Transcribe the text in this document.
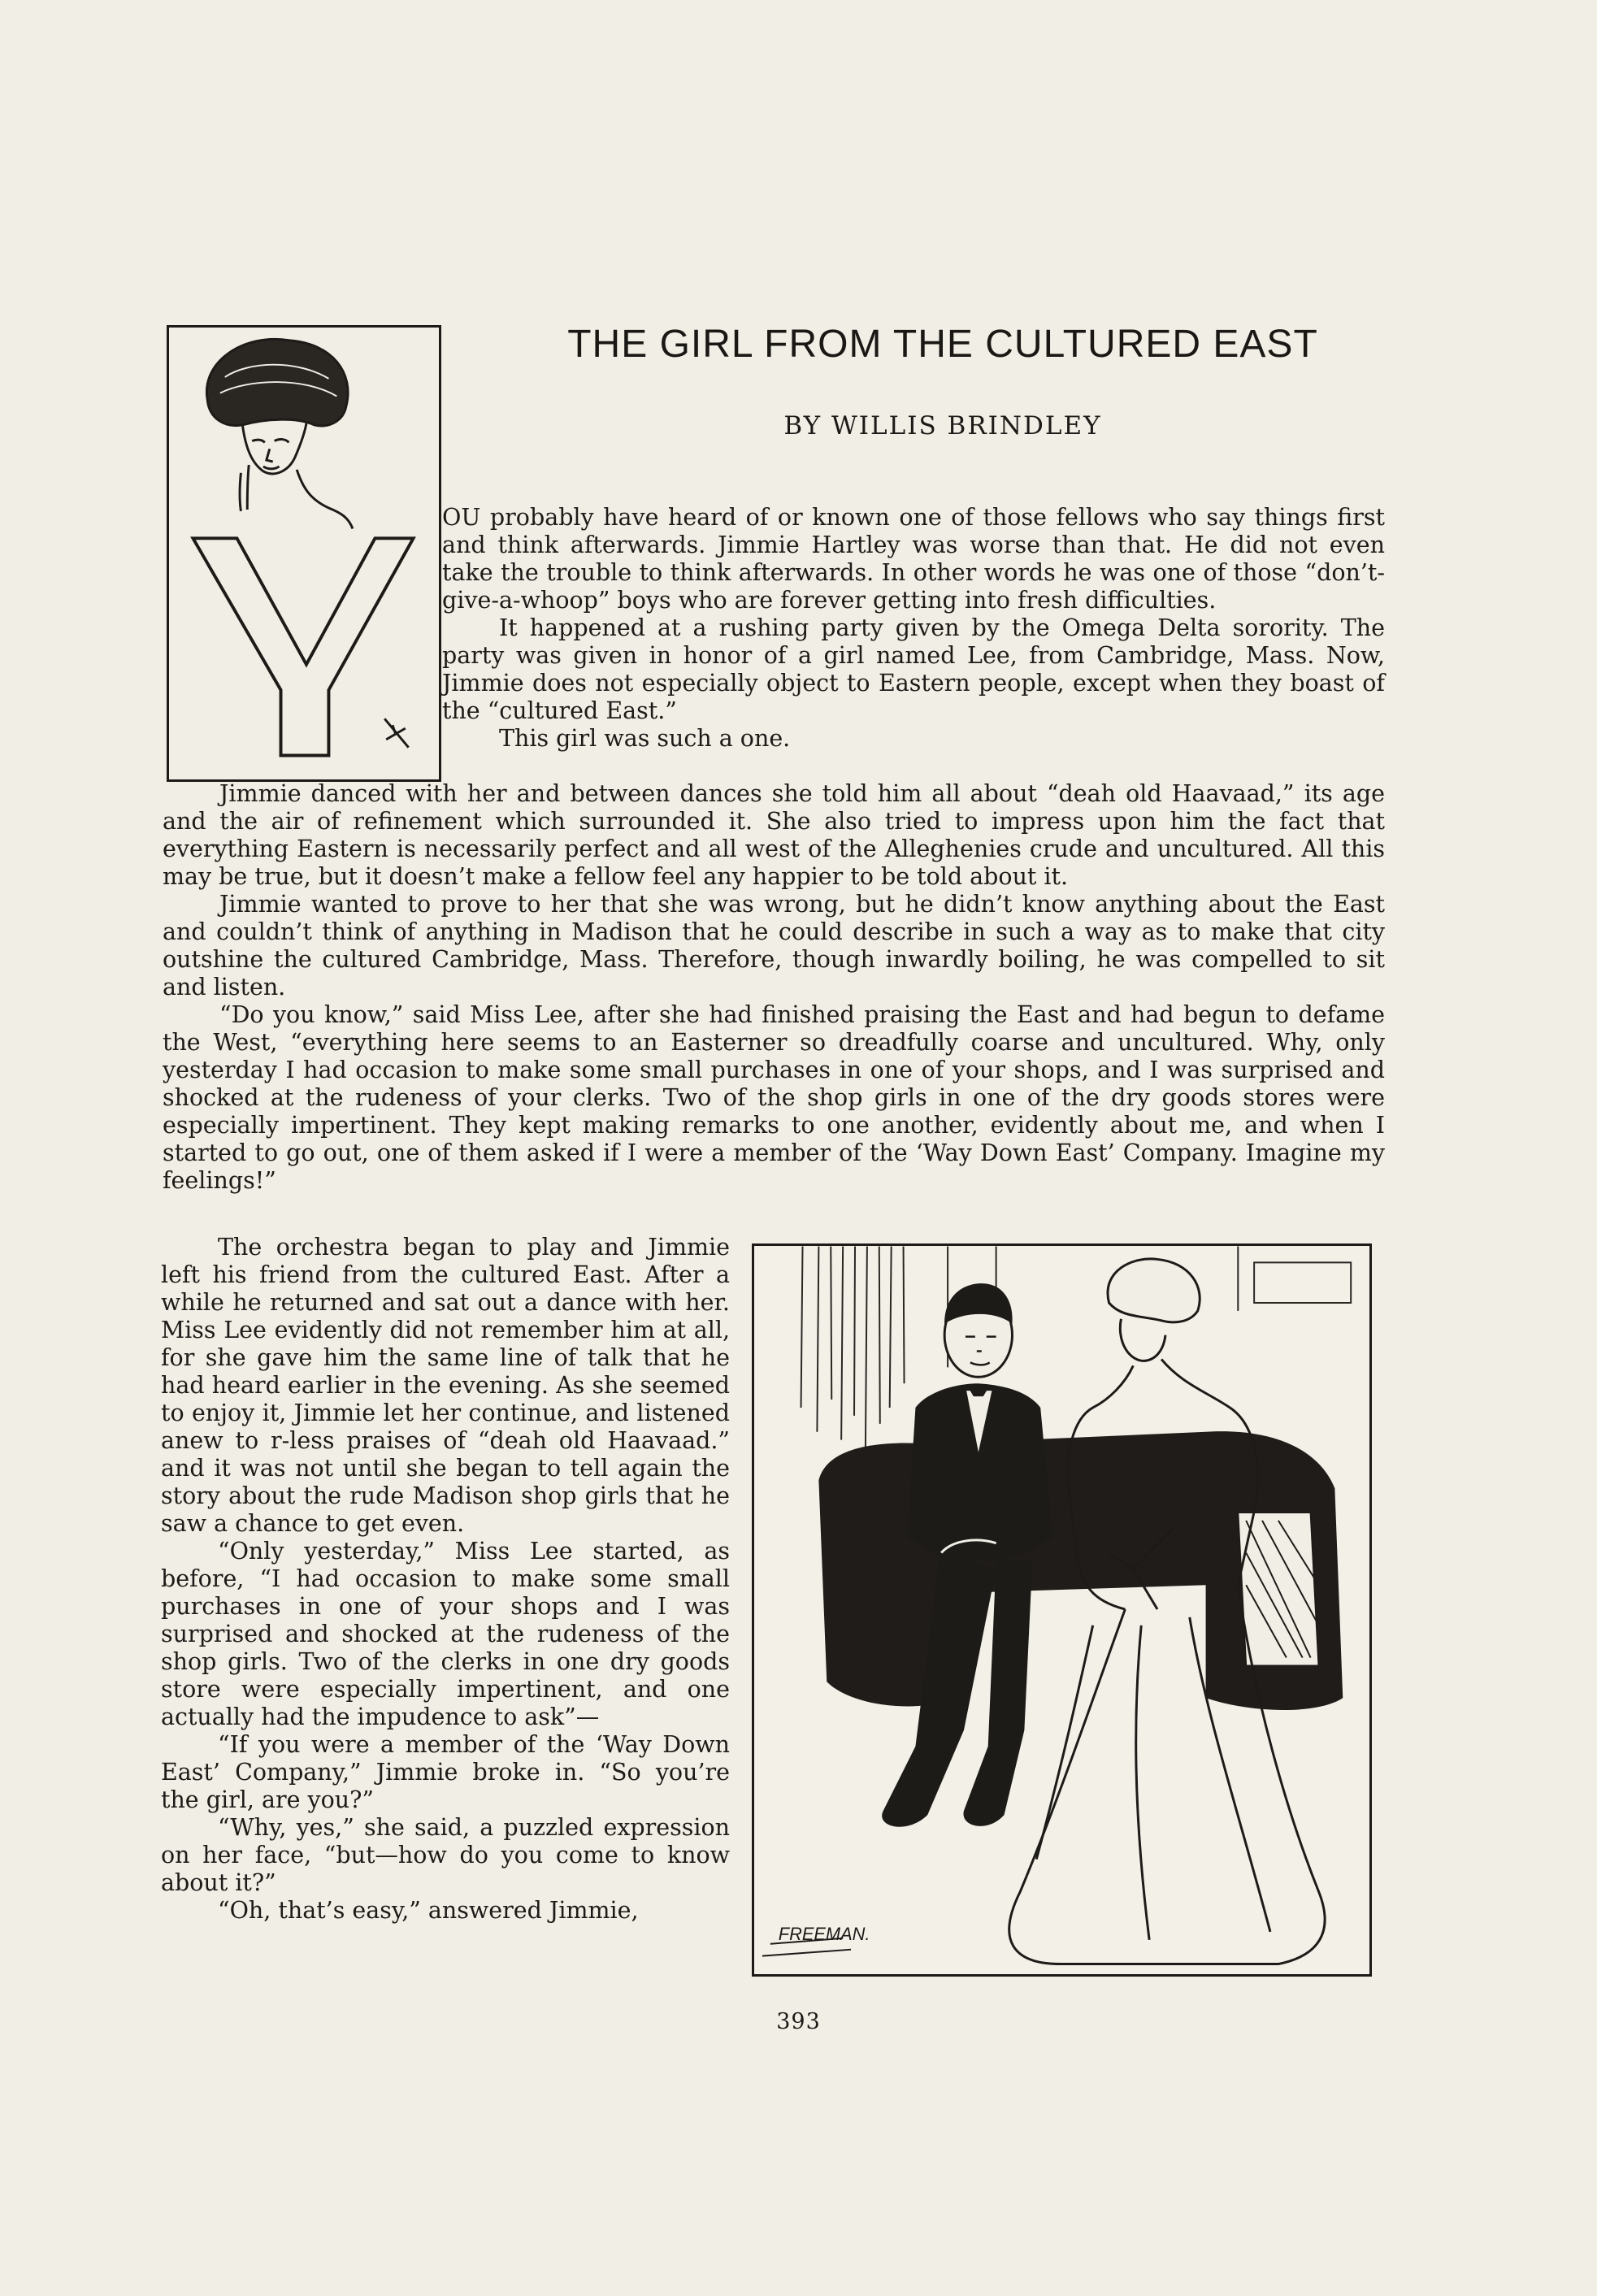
THE GIRL FROM THE CULTURED EAST
BY WILLIS BRINDLEY

OU probably have heard of or known one of those fellows who say things first and think afterwards. Jimmie Hartley was worse than that. He did not even take the trouble to think afterwards. In other words he was one of those “don’t-give-a-whoop” boys who are forever getting into fresh difficulties.

It happened at a rushing party given by the Omega Delta sorority. The party was given in honor of a girl named Lee, from Cambridge, Mass. Now, Jimmie does not especially object to Eastern people, except when they boast of the “cultured East.”

This girl was such a one.

Jimmie danced with her and between dances she told him all about “deah old Haavaad,” its age and the air of refinement which surrounded it. She also tried to impress upon him the fact that everything Eastern is necessarily perfect and all west of the Alleghenies crude and uncultured. All this may be true, but it doesn’t make a fellow feel any happier to be told about it.

Jimmie wanted to prove to her that she was wrong, but he didn’t know anything about the East and couldn’t think of anything in Madison that he could describe in such a way as to make that city outshine the cultured Cambridge, Mass. Therefore, though inwardly boiling, he was compelled to sit and listen.

“Do you know,” said Miss Lee, after she had finished praising the East and had begun to defame the West, “everything here seems to an Easterner so dreadfully coarse and uncultured. Why, only yesterday I had occasion to make some small purchases in one of your shops, and I was surprised and shocked at the rudeness of your clerks. Two of the shop girls in one of the dry goods stores were especially impertinent. They kept making remarks to one another, evidently about me, and when I started to go out, one of them asked if I were a member of the ‘Way Down East’ Company. Imagine my feelings!”

The orchestra began to play and Jimmie left his friend from the cultured East. After a while he returned and sat out a dance with her. Miss Lee evidently did not remember him at all, for she gave him the same line of talk that he had heard earlier in the evening. As she seemed to enjoy it, Jimmie let her continue, and listened anew to r-less praises of “deah old Haavaad.” and it was not until she began to tell again the story about the rude Madison shop girls that he saw a chance to get even.

“Only yesterday,” Miss Lee started, as before, “I had occasion to make some small purchases in one of your shops and I was surprised and shocked at the rudeness of the shop girls. Two of the clerks in one dry goods store were especially impertinent, and one actually had the impudence to ask”—

“If you were a member of the ‘Way Down East’ Company,” Jimmie broke in. “So you’re the girl, are you?”

“Why, yes,” she said, a puzzled expression on her face, “but—how do you come to know about it?”

“Oh, that’s easy,” answered Jimmie,

FREEMAN.
393
